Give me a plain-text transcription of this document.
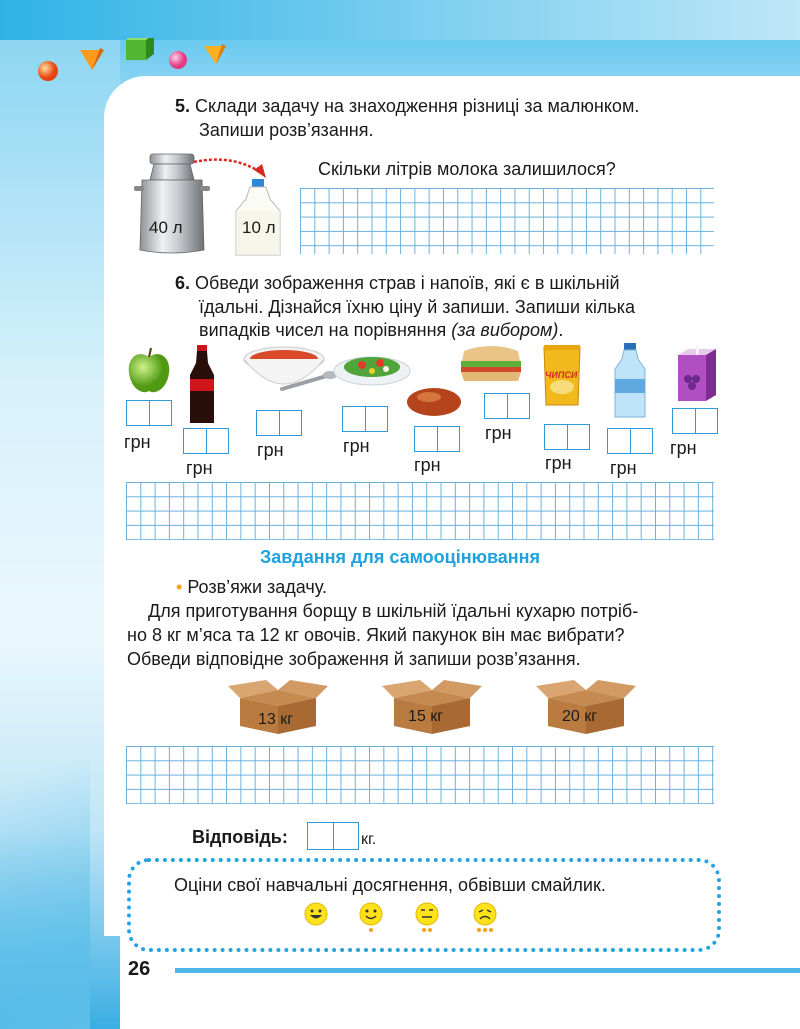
5. Склади задачу на знаходження різниці за малюнком.
Запиши розв’язання.
Скільки літрів молока залишилося?
40 л	10 л
6. Обведи зображення страв і напоїв, які є в шкільній
їдальні. Дізнайся їхню ціну й запиши. Запиши кілька
випадків чисел на порівняння (за вибором).
ЧИПСИ
грн
грн
грн	грн
грн
грн
грн грн
грн
Завдання для самооцінювання
• Розв’яжи задачу.
Для приготування борщу в шкільній їдальні кухарю потріб-
но 8 кг м’яса та 12 кг овочів. Який пакунок він має вибрати?
Обведи відповідне зображення й запиши розв’язання.
13 кг	15 кг	20 кг
Відповідь:	кг.
Оціни свої навчальні досягнення, обвівши смайлик.
26
